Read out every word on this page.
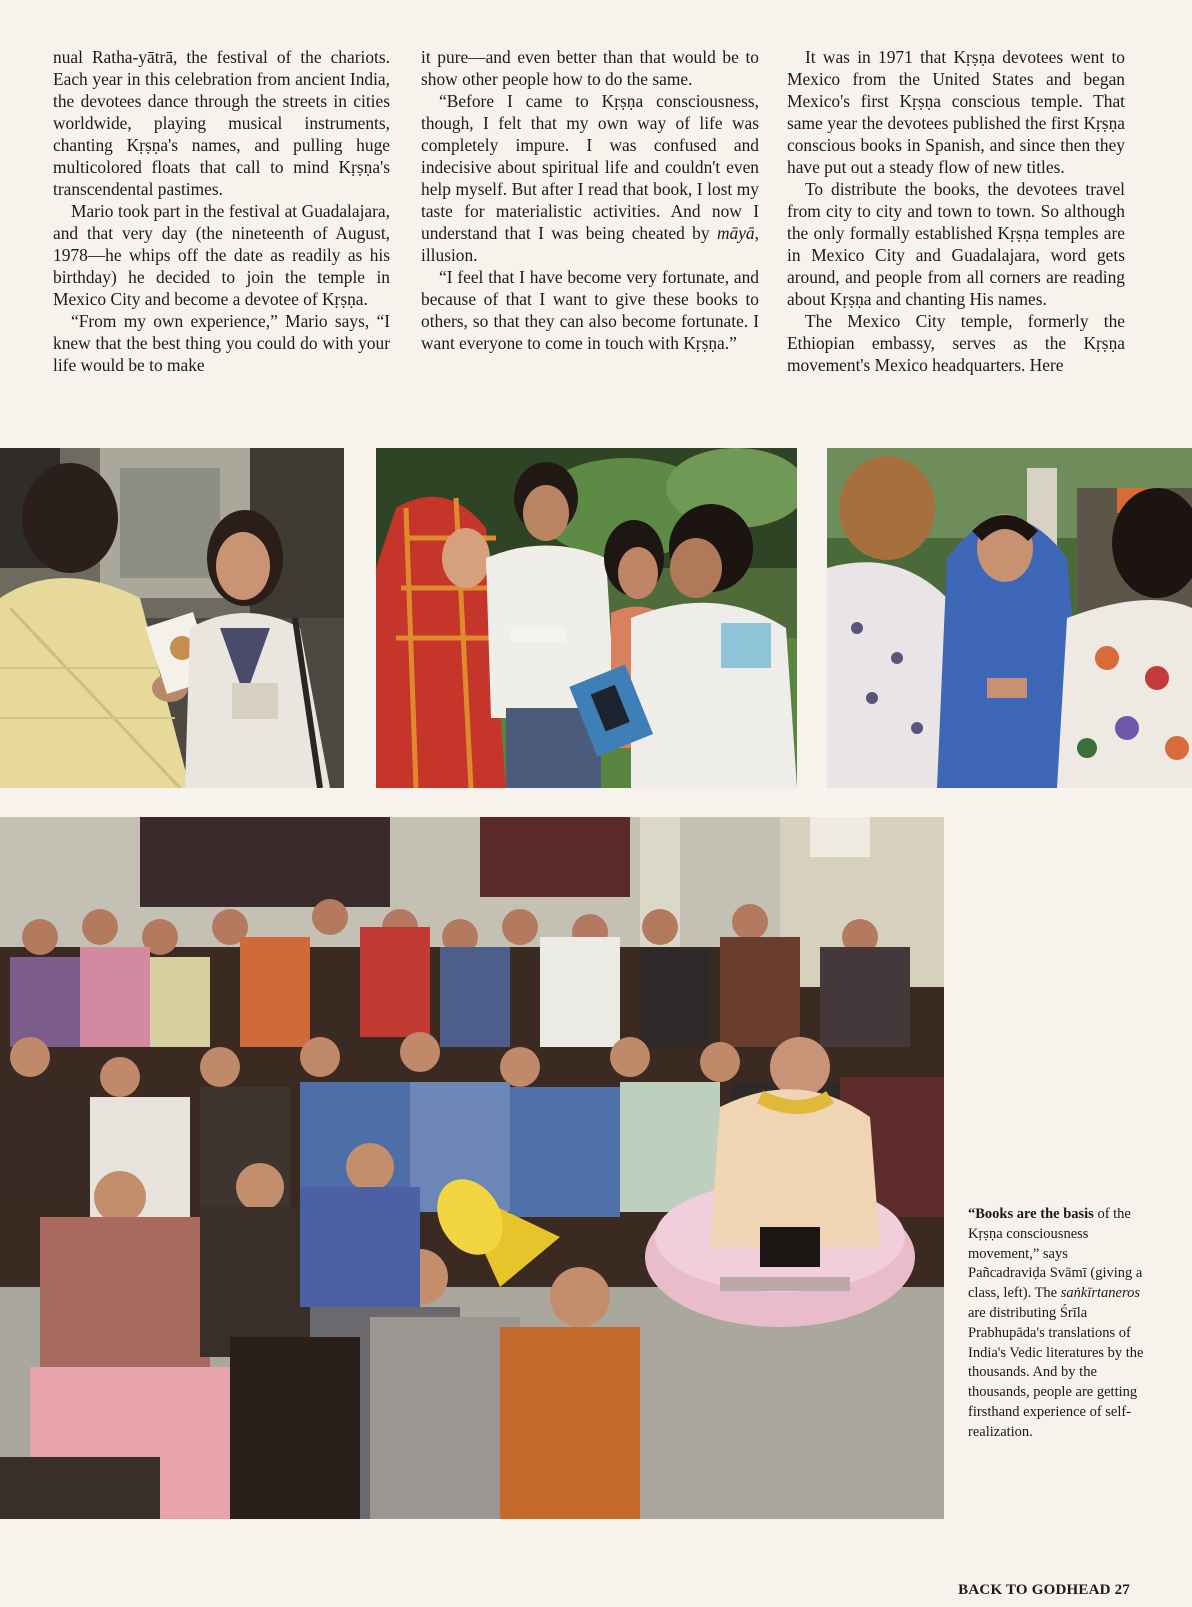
nual Ratha-yātrā, the festival of the chariots. Each year in this celebration from ancient India, the devotees dance through the streets in cities worldwide, playing musical instruments, chanting Kṛṣṇa's names, and pulling huge multicolored floats that call to mind Kṛṣṇa's transcendental pastimes.

Mario took part in the festival at Guadalajara, and that very day (the nineteenth of August, 1978—he whips off the date as readily as his birthday) he decided to join the temple in Mexico City and become a devotee of Kṛṣṇa.

“From my own experience,” Mario says, “I knew that the best thing you could do with your life would be to make

it pure—and even better than that would be to show other people how to do the same.

“Before I came to Kṛṣṇa consciousness, though, I felt that my own way of life was completely impure. I was confused and indecisive about spiritual life and couldn't even help myself. But after I read that book, I lost my taste for materialistic activities. And now I understand that I was being cheated by māyā, illusion.

“I feel that I have become very fortunate, and because of that I want to give these books to others, so that they can also become fortunate. I want everyone to come in touch with Kṛṣṇa.”

It was in 1971 that Kṛṣṇa devotees went to Mexico from the United States and began Mexico's first Kṛṣṇa conscious temple. That same year the devotees published the first Kṛṣṇa conscious books in Spanish, and since then they have put out a steady flow of new titles.

To distribute the books, the devotees travel from city to city and town to town. So although the only formally established Kṛṣṇa temples are in Mexico City and Guadalajara, word gets around, and people from all corners are reading about Kṛṣṇa and chanting His names.

The Mexico City temple, formerly the Ethiopian embassy, serves as the Kṛṣṇa movement's Mexico headquarters. Here

“Books are the basis of the Kṛṣṇa consciousness movement,” says Pañcadraviḍa Svāmī (giving a class, left). The saṅkīrtaneros are distributing Śrīla Prabhupāda's translations of India's Vedic literatures by the thousands. And by the thousands, people are getting firsthand experience of self-realization.
BACK TO GODHEAD 27
